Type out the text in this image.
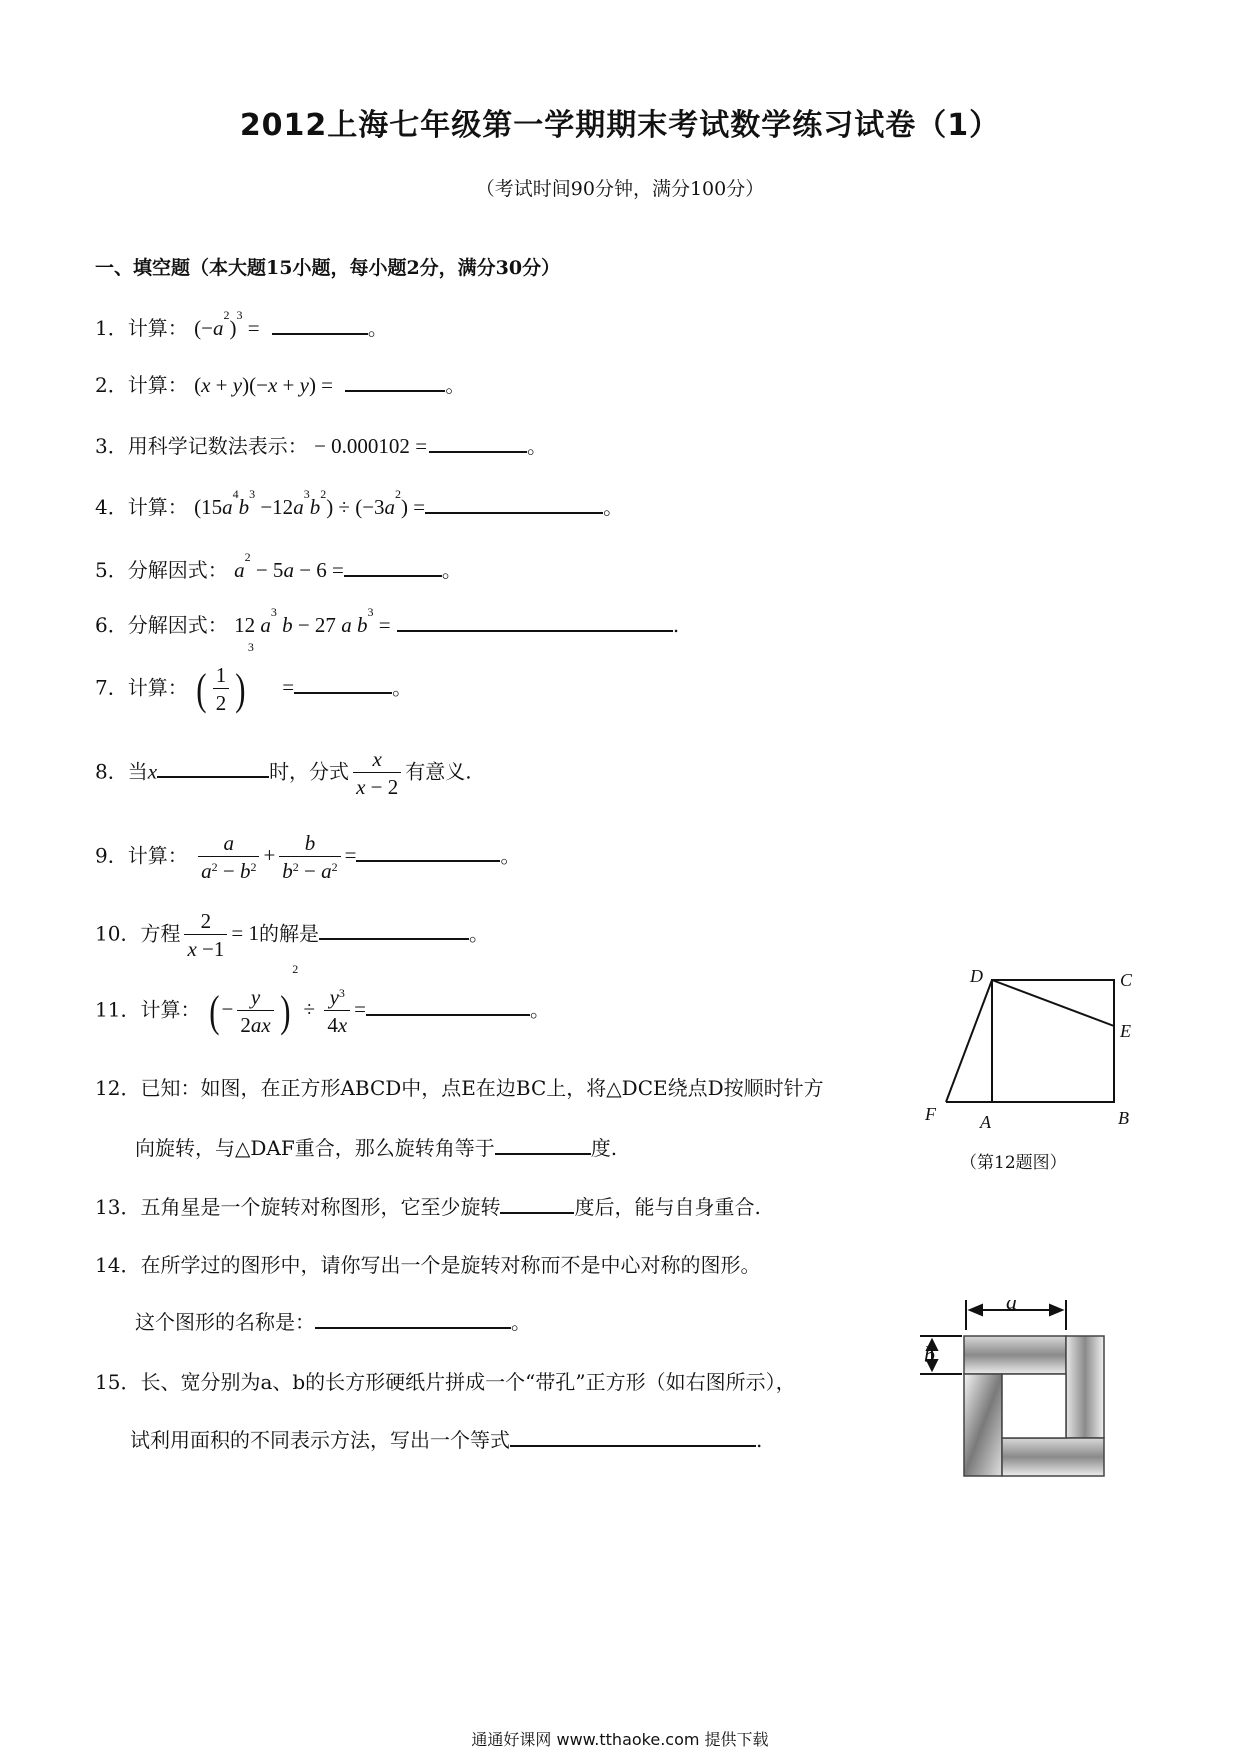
2012上海七年级第一学期期末考试数学练习试卷（1）
（考试时间90分钟，满分100分）
一、填空题（本大题15小题，每小题2分，满分30分）
1．计算： $(-a^2)^3$ =	。
2．计算： (x + y)(−x + y) =	。
3．用科学记数法表示： − 0.000102 =	。
4．计算： $(15a^4b^3 -12a^3b^2) \div (-3a^2)$ =	。
5．分解因式： $a^2 - 5a - 6$ =	。
6．分解因式： 12 $a^3$ b − 27 a $b^3$ =	.
7．计算： ( $\frac{1}{2} )^3$ =	。
8．当x	时，分式 $\frac{x}{x - 2}$ 有意义.
9．计算： $\frac{a}{a^2 - b^2} + \frac{b}{b^2 - a^2}$ =	。
10．方程 $\frac{2}{x -1} = 1$的解是	。
11．计算： ( − $\frac{y}{2ax} )^2 \div \frac{y^3}{4x}$ =	。
12．已知：如图，在正方形ABCD中，点E在边BC上，将△DCE绕点D按顺时针方
向旋转，与△DAF重合，那么旋转角等于	度.
13．五角星是一个旋转对称图形，它至少旋转	度后，能与自身重合.
14．在所学过的图形中，请你写出一个是旋转对称而不是中心对称的图形。
这个图形的名称是：	。
15．长、宽分别为a、b的长方形硬纸片拼成一个“带孔”正方形（如右图所示），
试利用面积的不同表示方法，写出一个等式	.
D	C
E
F A	B
（第12题图）
a
b
通通好课网 www.tthaoke.com 提供下载
